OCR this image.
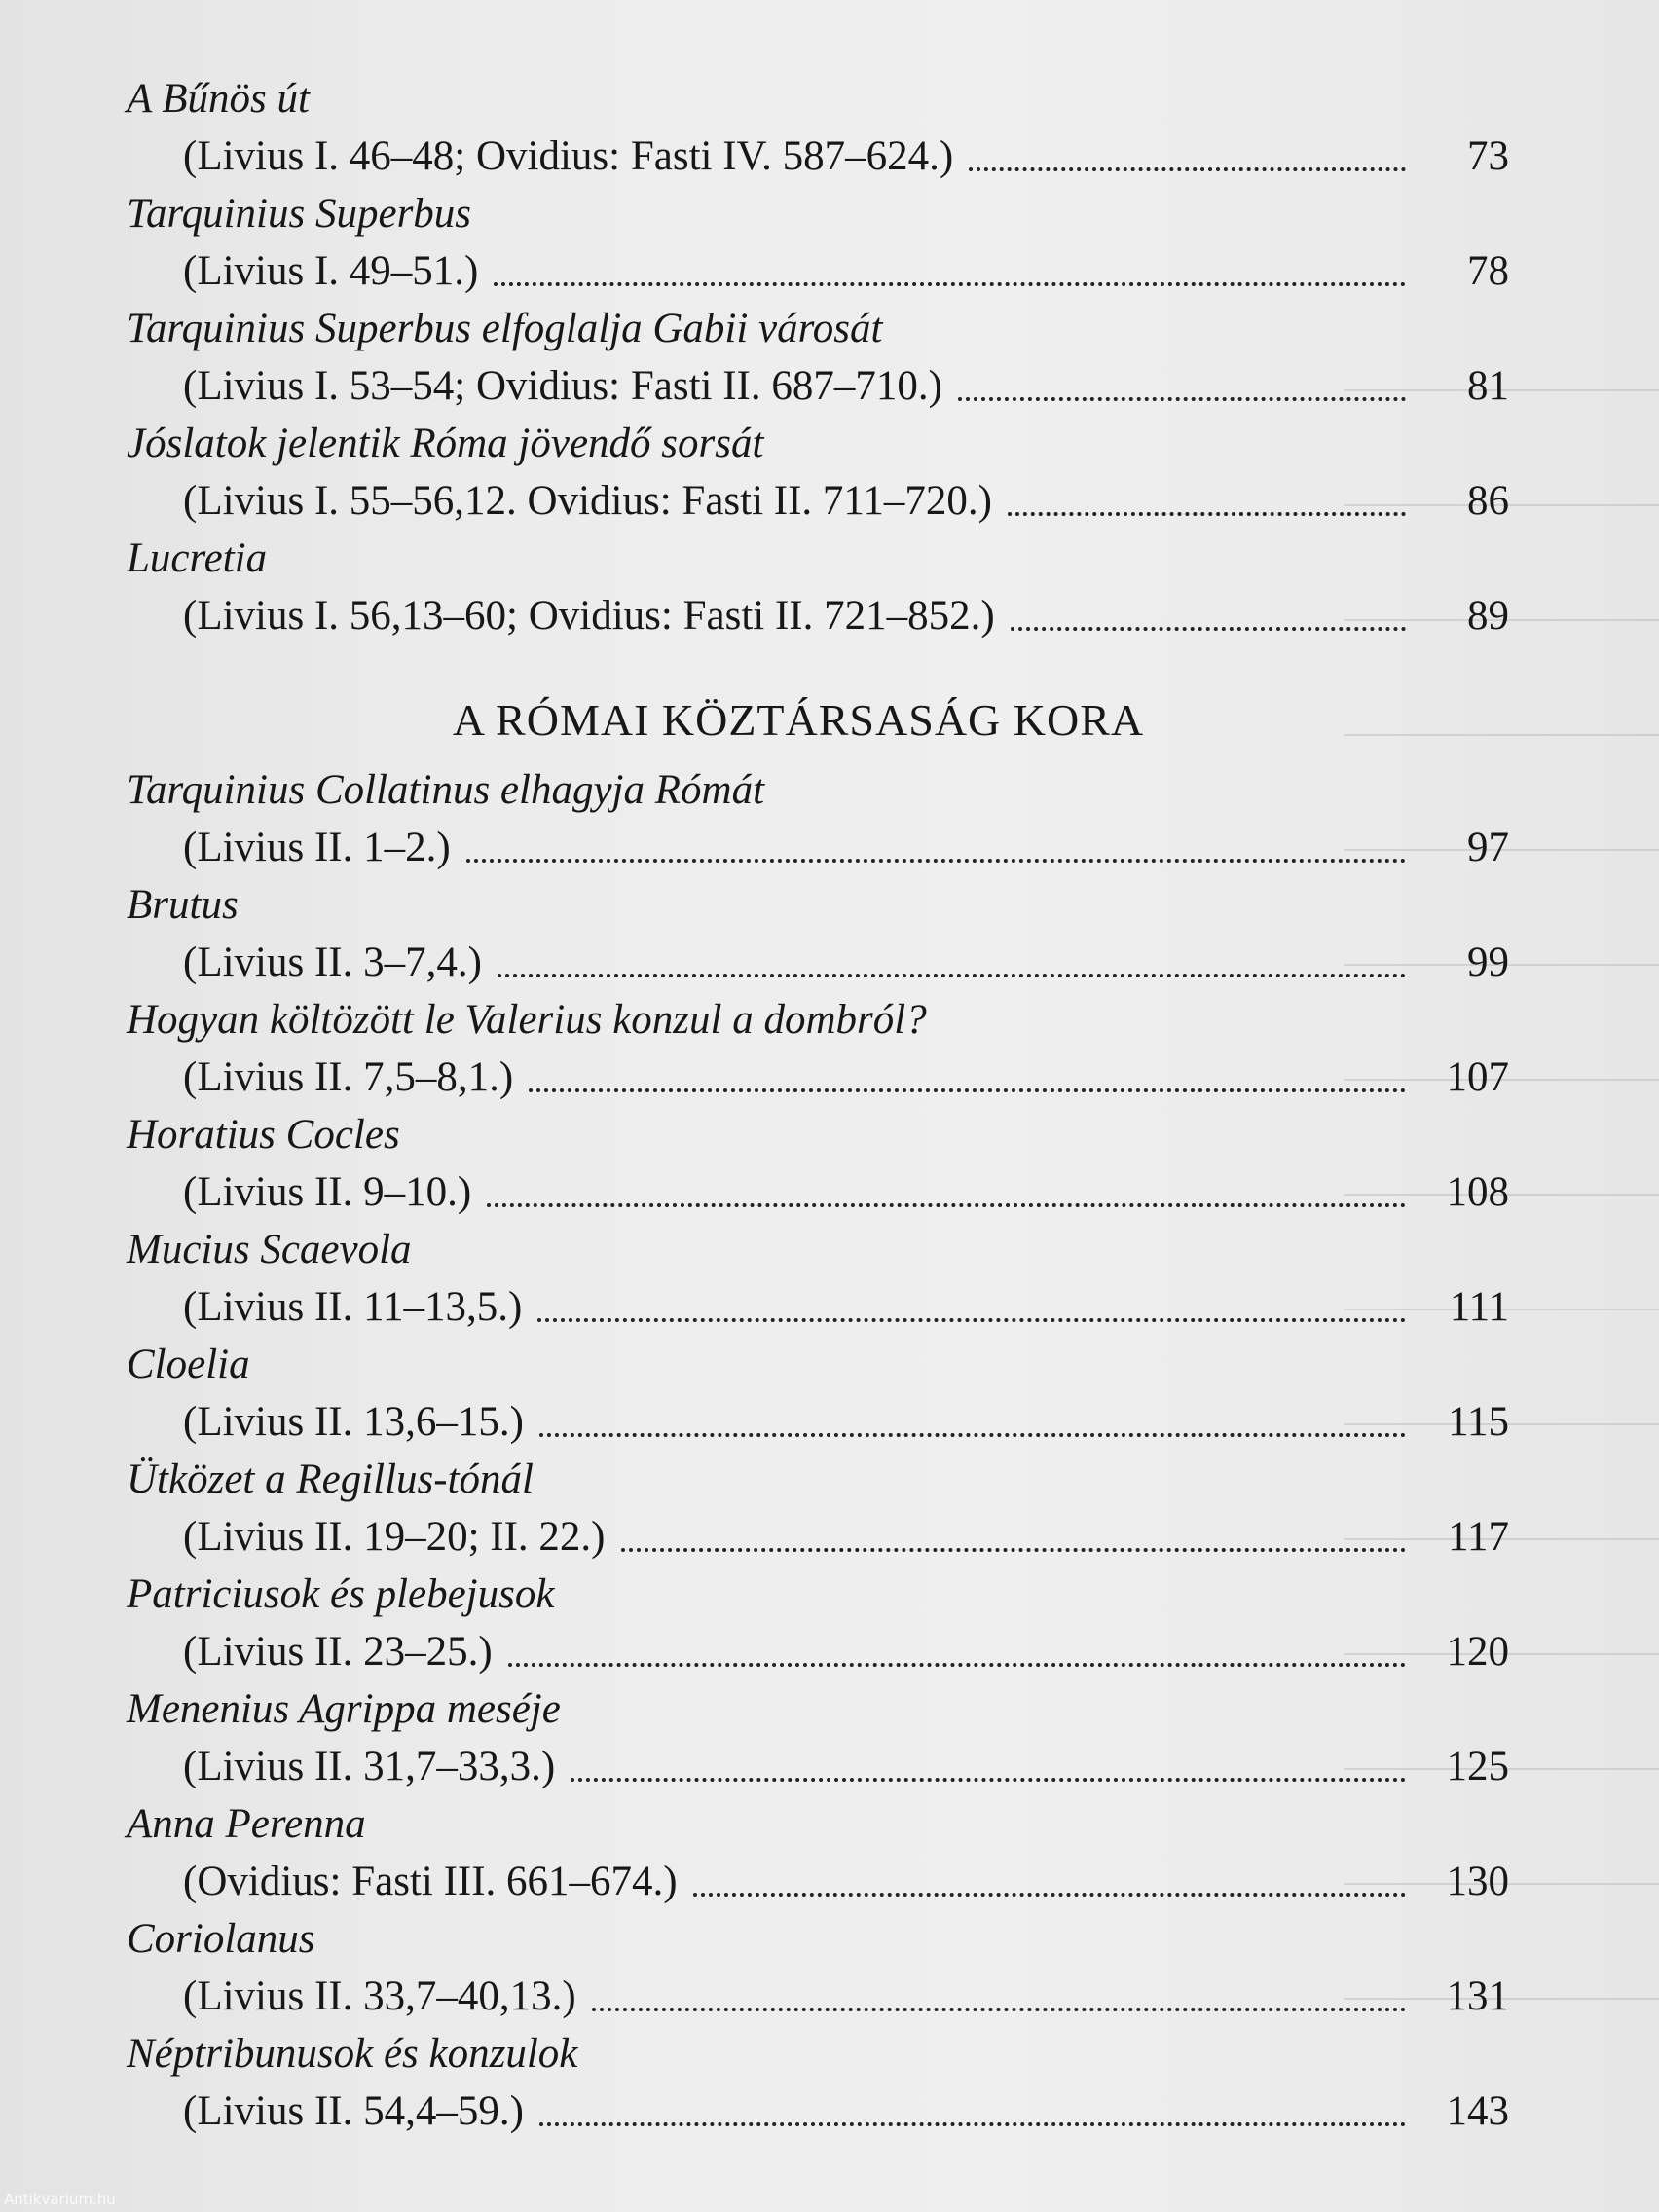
A Bűnös út
(Livius I. 46–48; Ovidius: Fasti IV. 587–624.)	73
Tarquinius Superbus
(Livius I. 49–51.)	78
Tarquinius Superbus elfoglalja Gabii városát
(Livius I. 53–54; Ovidius: Fasti II. 687–710.)	81
Jóslatok jelentik Róma jövendő sorsát
(Livius I. 55–56,12. Ovidius: Fasti II. 711–720.)	86
Lucretia
(Livius I. 56,13–60; Ovidius: Fasti II. 721–852.)	89
A RÓMAI KÖZTÁRSASÁG KORA
Tarquinius Collatinus elhagyja Rómát
(Livius II. 1–2.)	97
Brutus
(Livius II. 3–7,4.)	99
Hogyan költözött le Valerius konzul a dombról?
(Livius II. 7,5–8,1.)	107
Horatius Cocles
(Livius II. 9–10.)	108
Mucius Scaevola
(Livius II. 11–13,5.)	111
Cloelia
(Livius II. 13,6–15.)	115
Ütközet a Regillus-tónál
(Livius II. 19–20; II. 22.)	117
Patriciusok és plebejusok
(Livius II. 23–25.)	120
Menenius Agrippa meséje
(Livius II. 31,7–33,3.)	125
Anna Perenna
(Ovidius: Fasti III. 661–674.)	130
Coriolanus
(Livius II. 33,7–40,13.)	131
Néptribunusok és konzulok
(Livius II. 54,4–59.)	143
Antikvarium.hu
